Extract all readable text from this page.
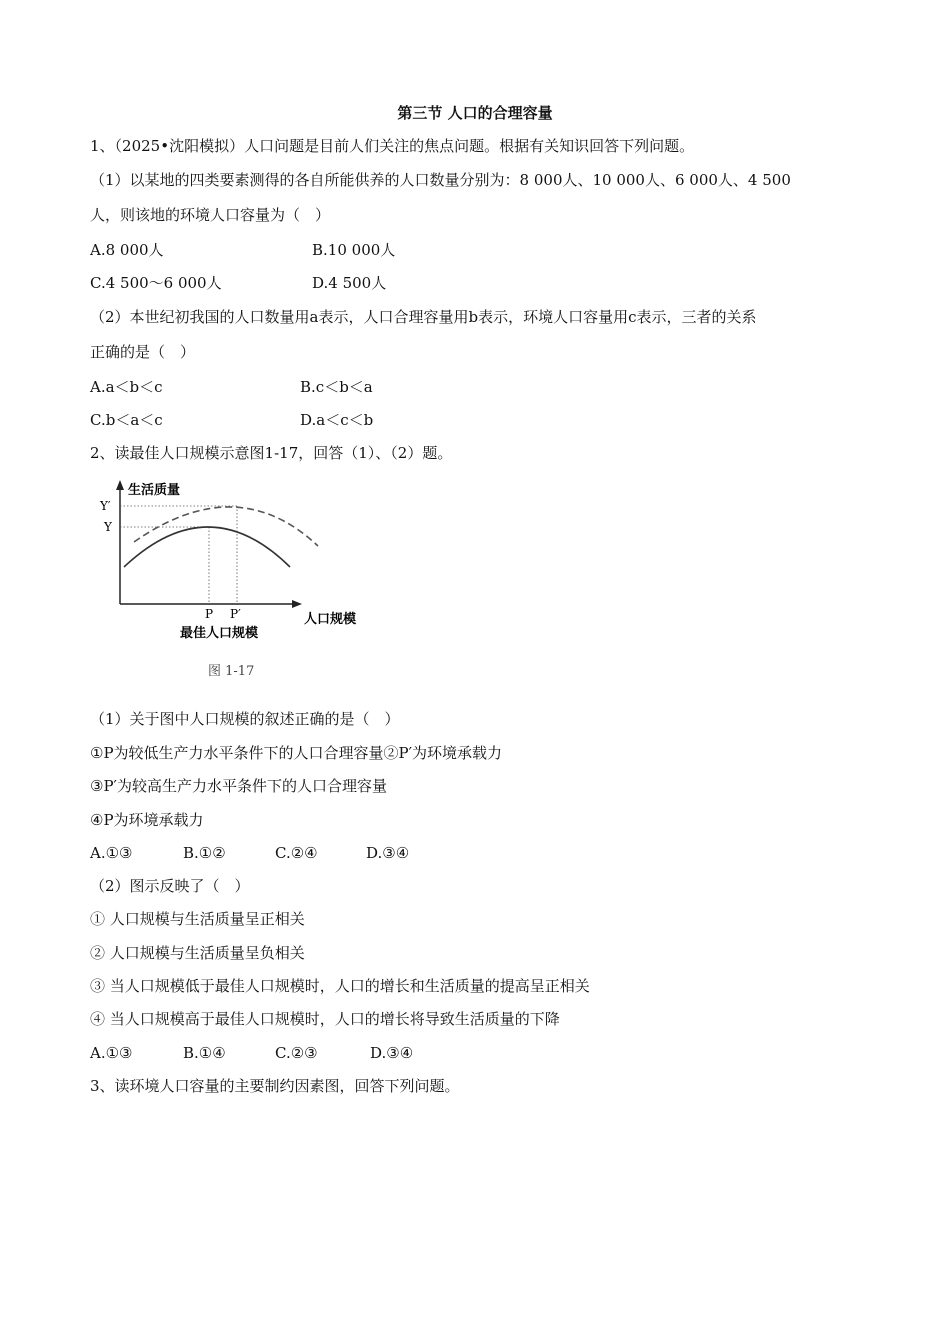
第三节 人口的合理容量
1、（2025•沈阳模拟）人口问题是目前人们关注的焦点问题。根据有关知识回答下列问题。
（1）以某地的四类要素测得的各自所能供养的人口数量分别为：8 000人、10 000人、6 000人、4 500
人，则该地的环境人口容量为（　）
A.8 000人	B.10 000人
C.4 500～6 000人	D.4 500人
（2）本世纪初我国的人口数量用a表示，人口合理容量用b表示，环境人口容量用c表示，三者的关系
正确的是（　）
A.a＜b＜c	B.c＜b＜a
C.b＜a＜c	D.a＜c＜b
2、读最佳人口规模示意图1-17，回答（1）、（2）题。
生活质量
Y′
Y
P P′	人口规模
最佳人口规模
图 1-17
（1）关于图中人口规模的叙述正确的是（　）
①P为较低生产力水平条件下的人口合理容量②P′为环境承载力
③P′为较高生产力水平条件下的人口合理容量
④P为环境承载力
A.①③	B.①②	C.②④	D.③④
（2）图示反映了（　）
① 人口规模与生活质量呈正相关
② 人口规模与生活质量呈负相关
③ 当人口规模低于最佳人口规模时，人口的增长和生活质量的提高呈正相关
④ 当人口规模高于最佳人口规模时，人口的增长将导致生活质量的下降
A.①③	B.①④	C.②③	D.③④
3、读环境人口容量的主要制约因素图，回答下列问题。
